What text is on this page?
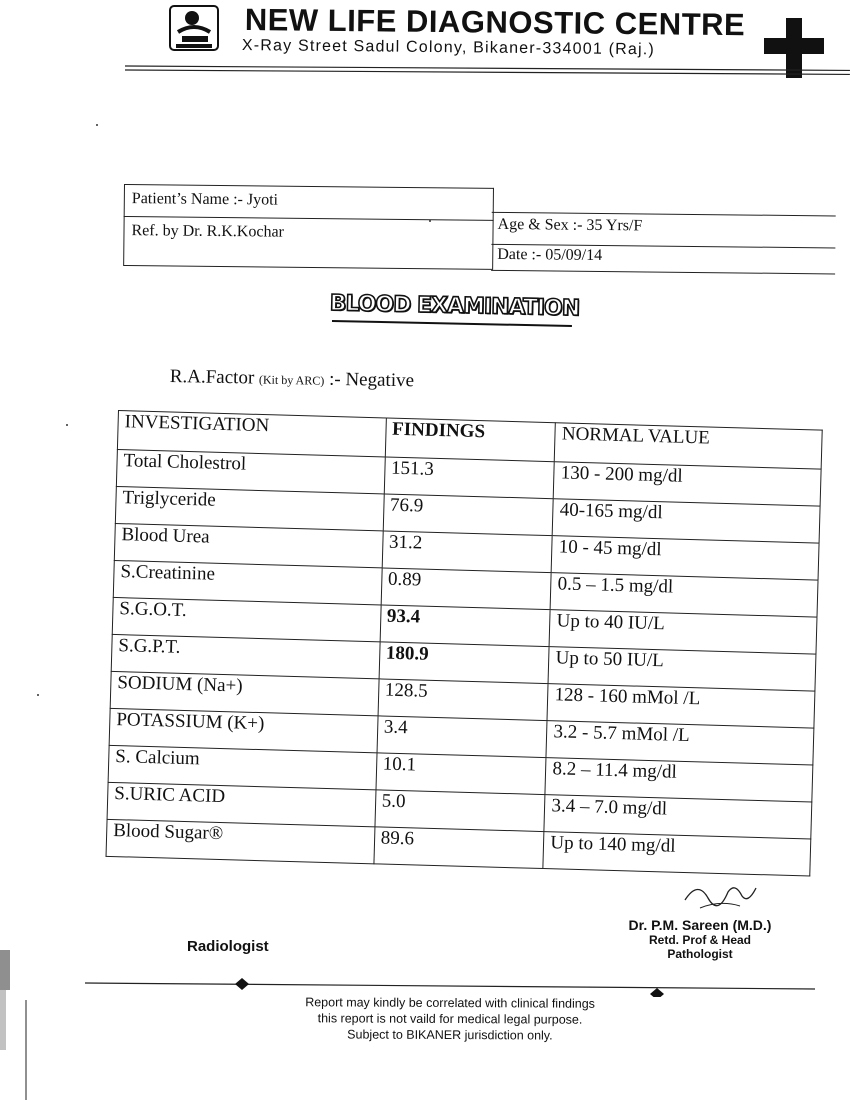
NEW LIFE DIAGNOSTIC CENTRE
X-Ray Street Sadul Colony, Bikaner-334001 (Raj.)
Patient’s Name :- Jyoti
Ref. by Dr. R.K.Kochar	Age & Sex :- 35 Yrs/F
Date :- 05/09/14
BLOOD EXAMINATION
R.A.Factor (Kit by ARC) :- Negative
INVESTIGATION	FINDINGS	NORMAL VALUE
Total Cholestrol	151.3	130 - 200 mg/dl
Triglyceride	76.9	40-165 mg/dl
Blood Urea	31.2	10 - 45 mg/dl
S.Creatinine	0.89	0.5 – 1.5 mg/dl
S.G.O.T.	93.4	Up to 40 IU/L
S.G.P.T.	180.9	Up to 50 IU/L
SODIUM (Na+)	128.5	128 - 160 mMol /L
POTASSIUM (K+)	3.4	3.2 - 5.7 mMol /L
S. Calcium	10.1	8.2 – 11.4 mg/dl
S.URIC ACID	5.0	3.4 – 7.0 mg/dl
Blood Sugar®	89.6	Up to 140 mg/dl
Radiologist
Dr. P.M. Sareen (M.D.)
Retd. Prof & Head
Pathologist
Report may kindly be correlated with clinical findings
this report is not vaild for medical legal purpose.
Subject to BIKANER jurisdiction only.
